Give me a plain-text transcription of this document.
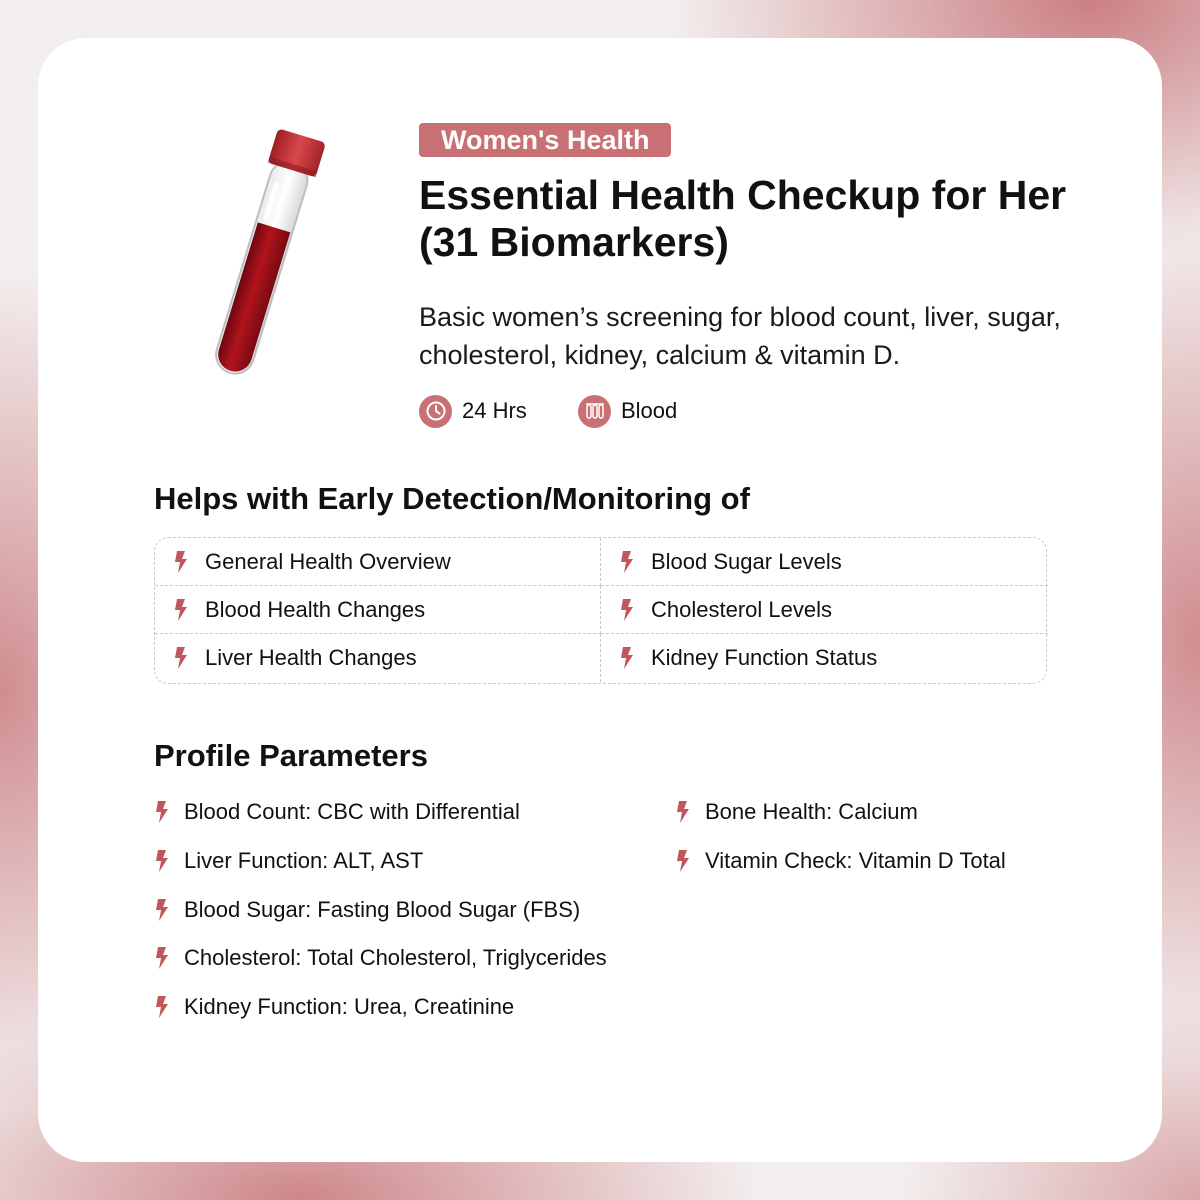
Women's Health
Essential Health Checkup for Her
(31 Biomarkers)
Basic women’s screening for blood count, liver, sugar,
cholesterol, kidney, calcium & vitamin D.
24 Hrs	Blood
Helps with Early Detection/Monitoring of
General Health Overview	Blood Sugar Levels
Blood Health Changes	Cholesterol Levels
Liver Health Changes	Kidney Function Status
Profile Parameters
Blood Count: CBC with Differential
Liver Function: ALT, AST
Blood Sugar: Fasting Blood Sugar (FBS)
Cholesterol: Total Cholesterol, Triglycerides
Kidney Function: Urea, Creatinine
Bone Health: Calcium
Vitamin Check: Vitamin D Total
